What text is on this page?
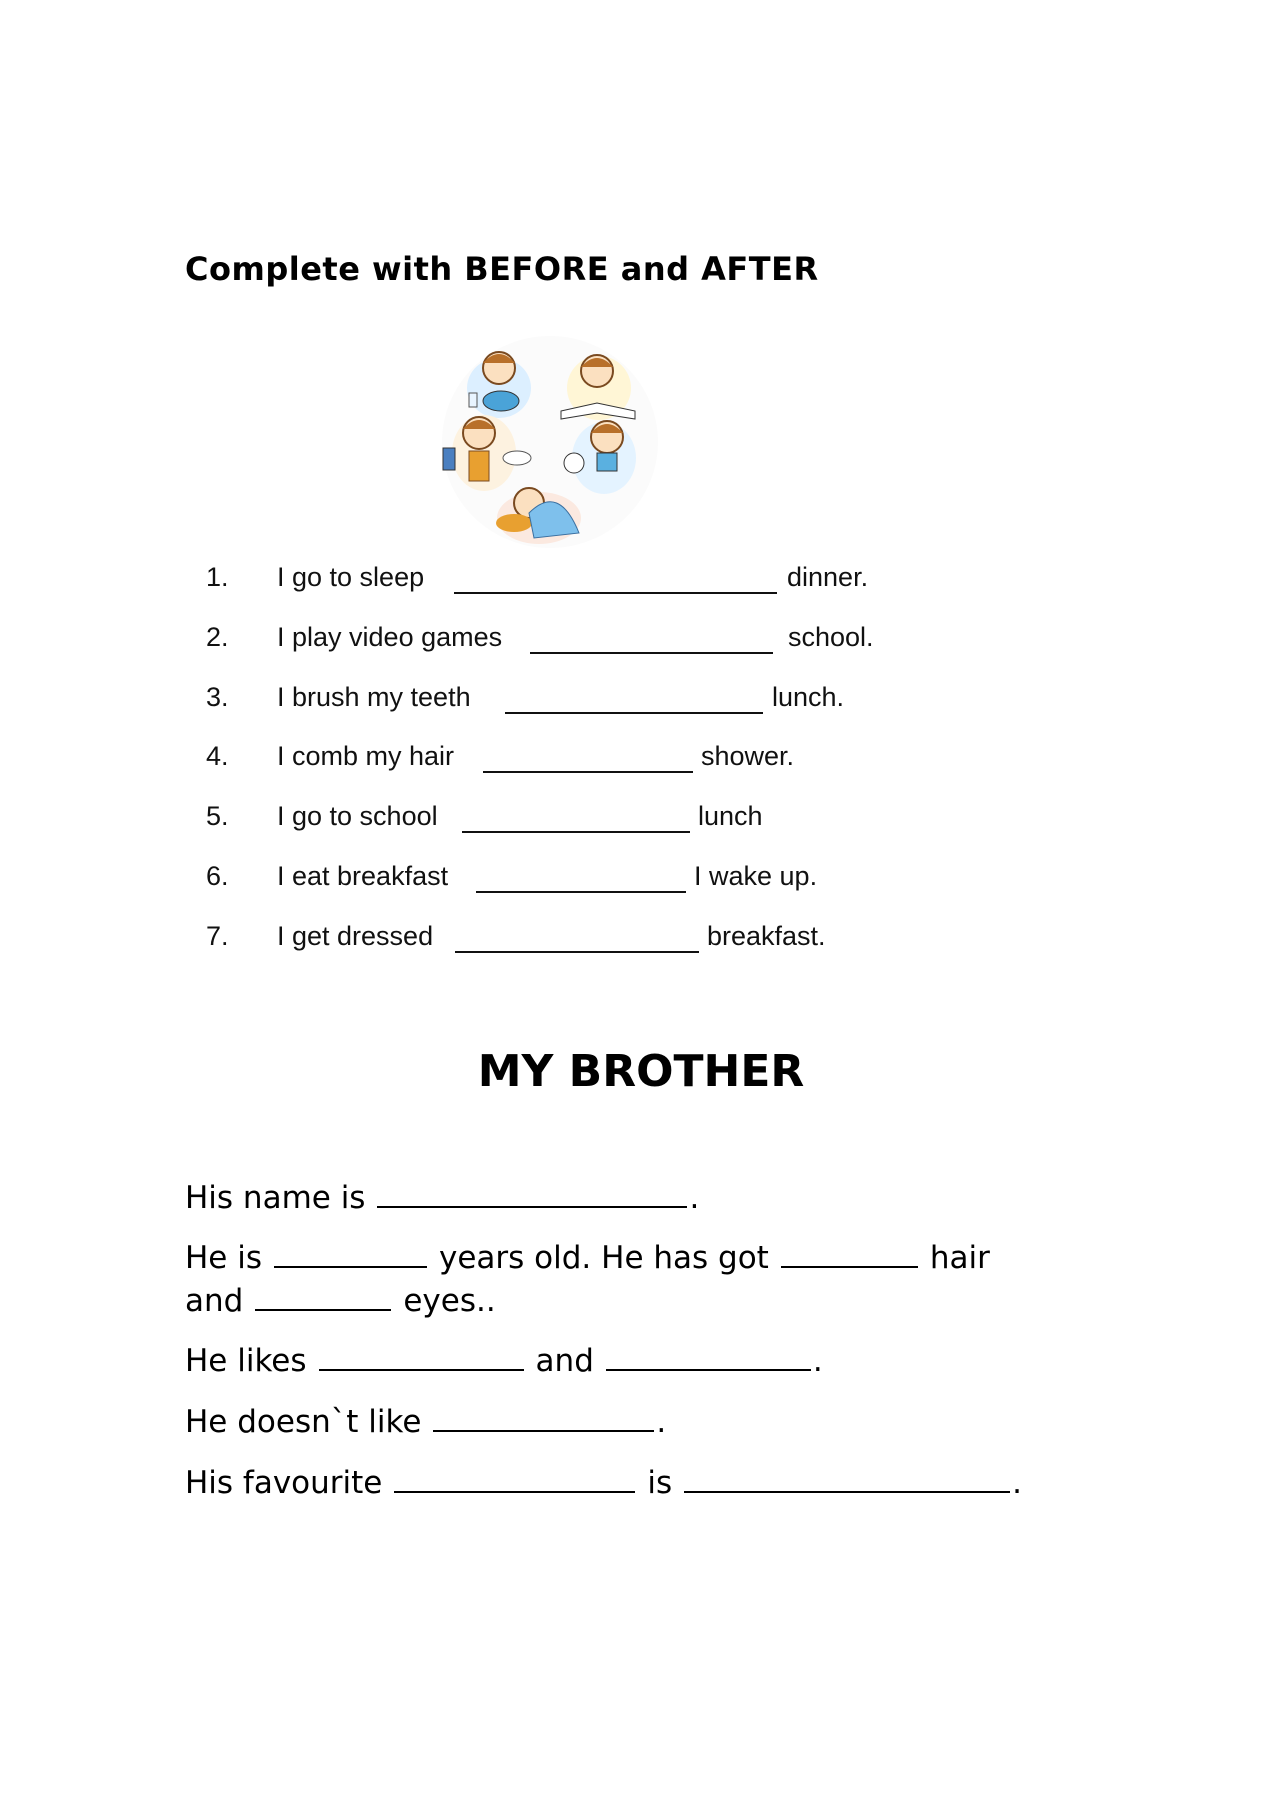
Complete with BEFORE and AFTER
1. I go to sleep	dinner.
2. I play video games	school.
3. I brush my teeth	lunch.
4. I comb my hair	shower.
5. I go to school	lunch
6. I eat breakfast	I wake up.
7. I get dressed	breakfast.
MY BROTHER
His name is	.
He is	years old. He has got	hair
and	eyes..
He likes	and	.
He doesn`t like	.
His favourite	is	.
